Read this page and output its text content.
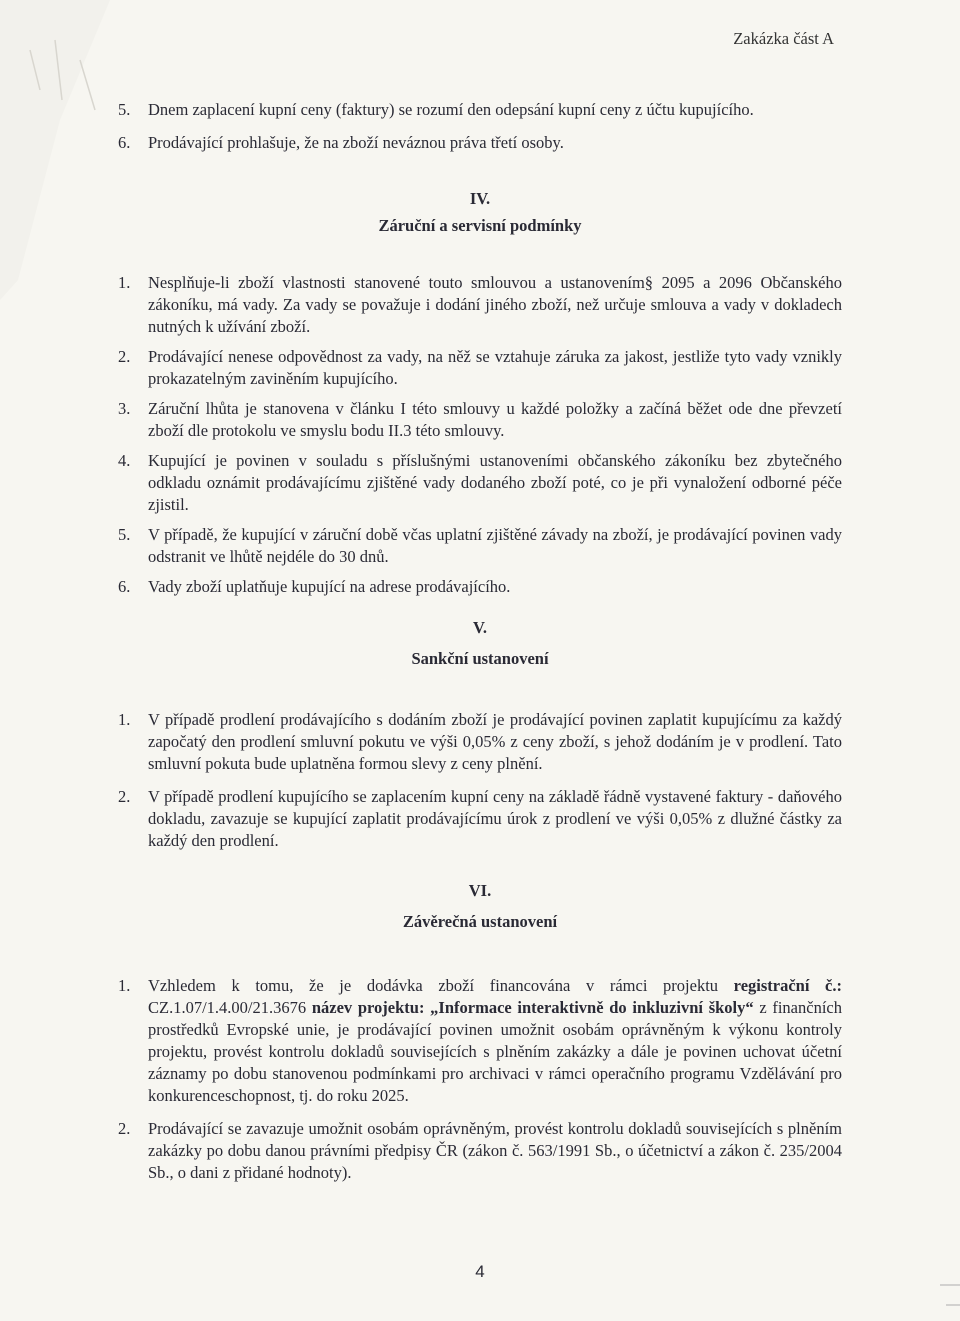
Zakázka část A
5. Dnem zaplacení kupní ceny (faktury) se rozumí den odepsání kupní ceny z účtu kupujícího.
6. Prodávající prohlašuje, že na zboží neváznou práva třetí osoby.
IV.
Záruční a servisní podmínky
1. Nesplňuje-li zboží vlastnosti stanovené touto smlouvou a ustanovením§ 2095 a 2096 Občanského zákoníku, má vady. Za vady se považuje i dodání jiného zboží, než určuje smlouva a vady v dokladech nutných k užívání zboží.
2. Prodávající nenese odpovědnost za vady, na něž se vztahuje záruka za jakost, jestliže tyto vady vznikly prokazatelným zaviněním kupujícího.
3. Záruční lhůta je stanovena v článku I této smlouvy u každé položky a začíná běžet ode dne převzetí zboží dle protokolu ve smyslu bodu II.3 této smlouvy.
4. Kupující je povinen v souladu s příslušnými ustanoveními občanského zákoníku bez zbytečného odkladu oznámit prodávajícímu zjištěné vady dodaného zboží poté, co je při vynaložení odborné péče zjistil.
5. V případě, že kupující v záruční době včas uplatní zjištěné závady na zboží, je prodávající povinen vady odstranit ve lhůtě nejdéle do 30 dnů.
6. Vady zboží uplatňuje kupující na adrese prodávajícího.
V.
Sankční ustanovení
1. V případě prodlení prodávajícího s dodáním zboží je prodávající povinen zaplatit kupujícímu za každý započatý den prodlení smluvní pokutu ve výši 0,05% z ceny zboží, s jehož dodáním je v prodlení. Tato smluvní pokuta bude uplatněna formou slevy z ceny plnění.
2. V případě prodlení kupujícího se zaplacením kupní ceny na základě řádně vystavené faktury - daňového dokladu, zavazuje se kupující zaplatit prodávajícímu úrok z prodlení ve výši 0,05% z dlužné částky za každý den prodlení.
VI.
Závěrečná ustanovení
1. Vzhledem k tomu, že je dodávka zboží financována v rámci projektu registrační č.: CZ.1.07/1.4.00/21.3676 název projektu: „Informace interaktivně do inkluzivní školy“ z finančních prostředků Evropské unie, je prodávající povinen umožnit osobám oprávněným k výkonu kontroly projektu, provést kontrolu dokladů souvisejících s plněním zakázky a dále je povinen uchovat účetní záznamy po dobu stanovenou podmínkami pro archivaci v rámci operačního programu Vzdělávání pro konkurenceschopnost, tj. do roku 2025.
2. Prodávající se zavazuje umožnit osobám oprávněným, provést kontrolu dokladů souvisejících s plněním zakázky po dobu danou právními předpisy ČR (zákon č. 563/1991 Sb., o účetnictví a zákon č. 235/2004 Sb., o dani z přidané hodnoty).
4
